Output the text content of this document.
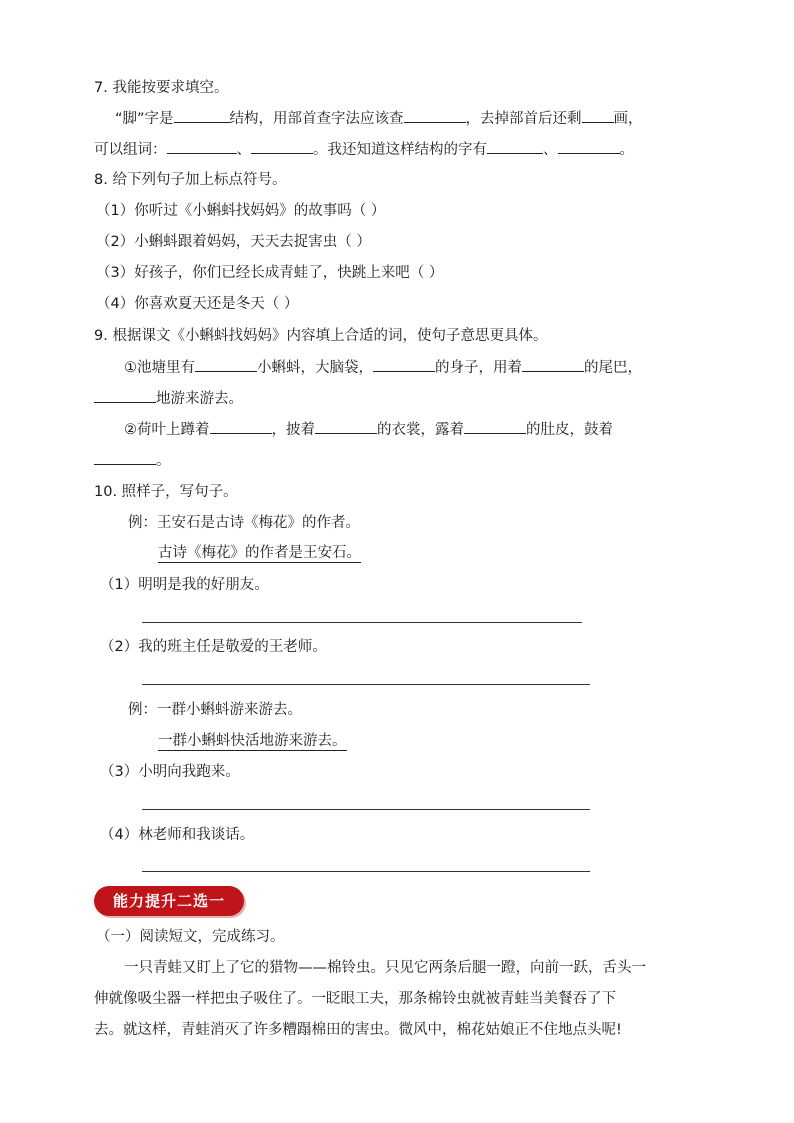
7. 我能按要求填空。
“脚”字是	结构，用部首查字法应该查	，去掉部首后还剩 画，
可以组词：	、	。我还知道这样结构的字有	、	。
8. 给下列句子加上标点符号。
（1）你听过《小蝌蚪找妈妈》的故事吗（ ）
（2）小蝌蚪跟着妈妈，天天去捉害虫（ ）
（3）好孩子，你们已经长成青蛙了，快跳上来吧（ ）
（4）你喜欢夏天还是冬天（ ）
9. 根据课文《小蝌蚪找妈妈》内容填上合适的词，使句子意思更具体。
①池塘里有	小蝌蚪，大脑袋，	的身子，用着	的尾巴，
地游来游去。
②荷叶上蹲着	，披着	的衣裳，露着	的肚皮，鼓着
。
10. 照样子，写句子。
例：王安石是古诗《梅花》的作者。
古诗《梅花》的作者是王安石。
（1）明明是我的好朋友。
（2）我的班主任是敬爱的王老师。
例：一群小蝌蚪游来游去。
一群小蝌蚪快活地游来游去。
（3）小明向我跑来。
（4）林老师和我谈话。
能力提升二选一
（一）阅读短文，完成练习。
一只青蛙又盯上了它的猎物——棉铃虫。只见它两条后腿一蹬，向前一跃，舌头一
伸就像吸尘器一样把虫子吸住了。一眨眼工夫，那条棉铃虫就被青蛙当美餐吞了下
去。就这样，青蛙消灭了许多糟蹋棉田的害虫。微风中，棉花姑娘正不住地点头呢!
